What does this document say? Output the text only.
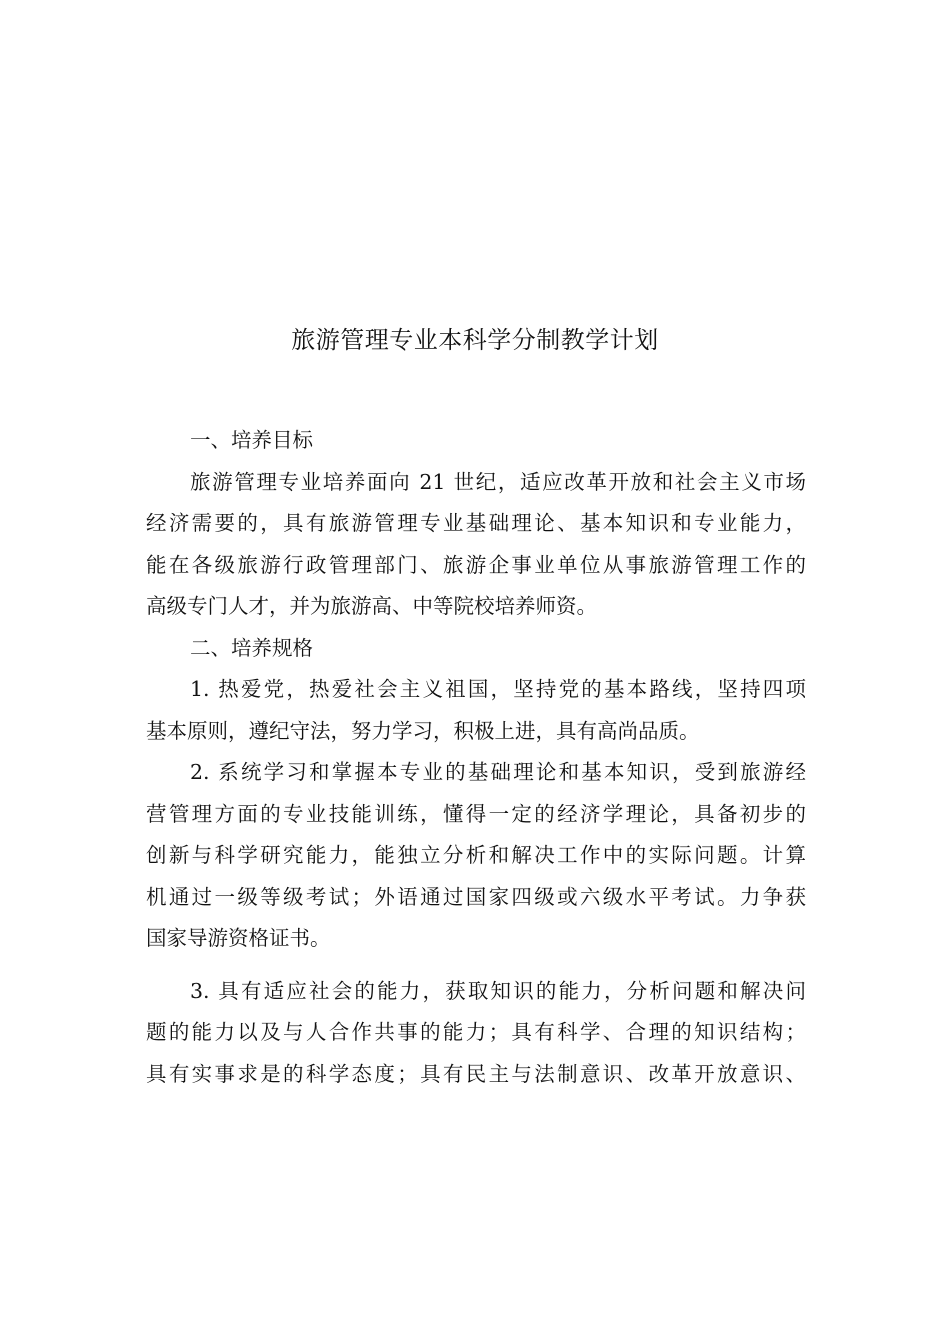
旅游管理专业本科学分制教学计划
一、培养目标
旅游管理专业培养面向 21 世纪，适应改革开放和社会主义市场
经济需要的，具有旅游管理专业基础理论、基本知识和专业能力，
能在各级旅游行政管理部门、旅游企事业单位从事旅游管理工作的
高级专门人才，并为旅游高、中等院校培养师资。
二、培养规格
1. 热爱党，热爱社会主义祖国，坚持党的基本路线，坚持四项
基本原则，遵纪守法，努力学习，积极上进，具有高尚品质。
2. 系统学习和掌握本专业的基础理论和基本知识，受到旅游经
营管理方面的专业技能训练，懂得一定的经济学理论，具备初步的
创新与科学研究能力，能独立分析和解决工作中的实际问题。计算
机通过一级等级考试；外语通过国家四级或六级水平考试。力争获
国家导游资格证书。
3. 具有适应社会的能力，获取知识的能力，分析问题和解决问
题的能力以及与人合作共事的能力；具有科学、合理的知识结构；
具有实事求是的科学态度；具有民主与法制意识、改革开放意识、
